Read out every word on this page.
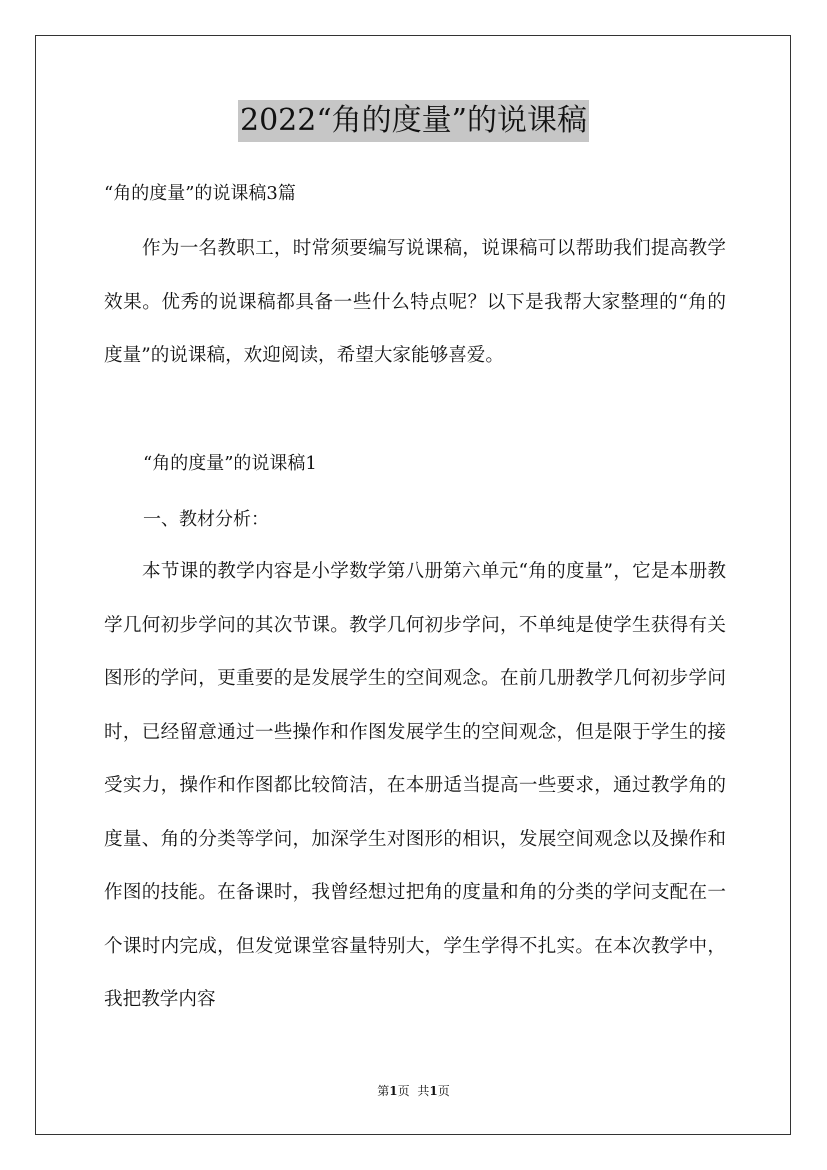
2022“角的度量”的说课稿

“角的度量”的说课稿3篇

作为一名教职工，时常须要编写说课稿，说课稿可以帮助我们提高教学效果。优秀的说课稿都具备一些什么特点呢？以下是我帮大家整理的“角的度量”的说课稿，欢迎阅读，希望大家能够喜爱。

“角的度量”的说课稿1

一、教材分析：

本节课的教学内容是小学数学第八册第六单元“角的度量”，它是本册教学几何初步学问的其次节课。教学几何初步学问，不单纯是使学生获得有关图形的学问，更重要的是发展学生的空间观念。在前几册教学几何初步学问时，已经留意通过一些操作和作图发展学生的空间观念，但是限于学生的接受实力，操作和作图都比较简洁，在本册适当提高一些要求，通过教学角的度量、角的分类等学问，加深学生对图形的相识，发展空间观念以及操作和作图的技能。在备课时，我曾经想过把角的度量和角的分类的学问支配在一个课时内完成，但发觉课堂容量特别大，学生学得不扎实。在本次教学中，我把教学内容

第1页 共1页
